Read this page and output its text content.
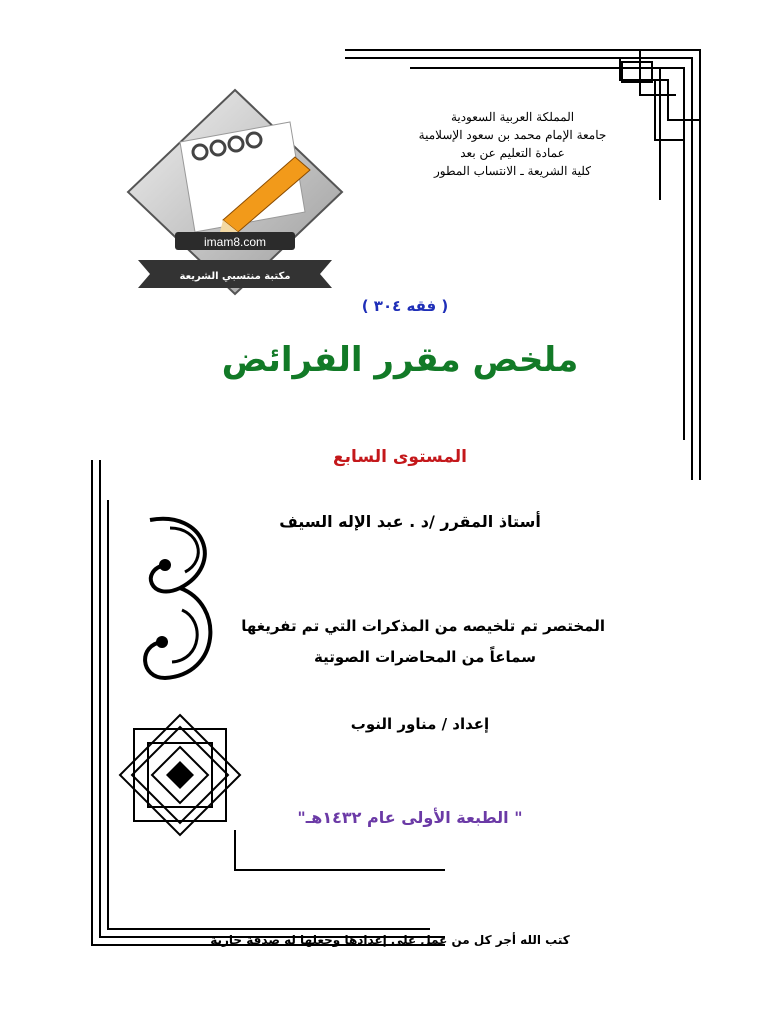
imam8.com
مكتبة منتسبي الشريعة
المملكة العربية السعودية
جامعة الإمام محمد بن سعود الإسلامية
عمادة التعليم عن بعد
كلية الشريعة ـ الانتساب المطور
( فقه ٣٠٤ )
ملخص مقرر الفرائض
المستوى السابع
أستاذ المقرر /د . عبد الإله السيف
المختصر تم تلخيصه من المذكرات التي تم تفريغها
سماعاً من المحاضرات الصوتية
إعداد / مناور النوب
" الطبعة الأولى عام ١٤٣٢هـ"
كتب الله أجر كل من عمل على إعدادها وجعلها له صدقة جارية
